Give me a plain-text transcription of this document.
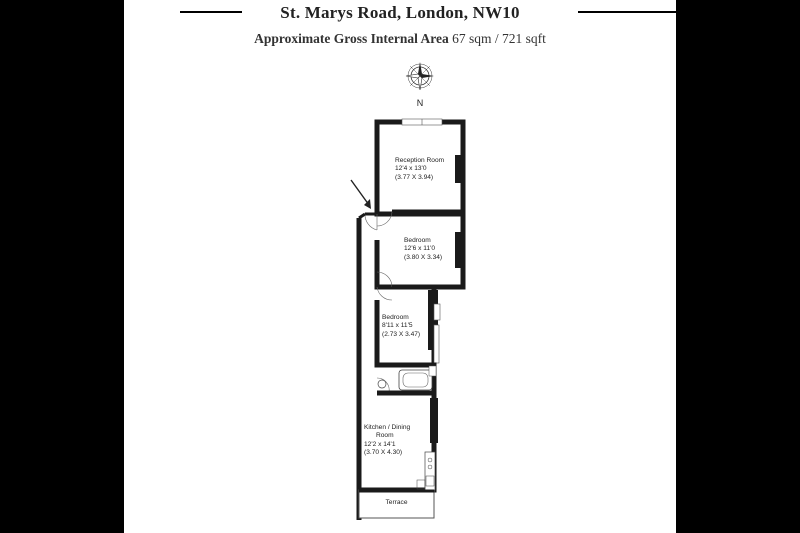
St. Marys Road, London, NW10
Approximate Gross Internal Area 67 sqm / 721 sqft
N
Reception Room
12'4 x 13'0
(3.77 X 3.94)
Bedroom
12'6 x 11'0
(3.80 X 3.34)
Bedroom
8'11 x 11'5
(2.73 X 3.47)
Kitchen / Dining
Room
12'2 x 14'1
(3.70 X 4.30)
Terrace
